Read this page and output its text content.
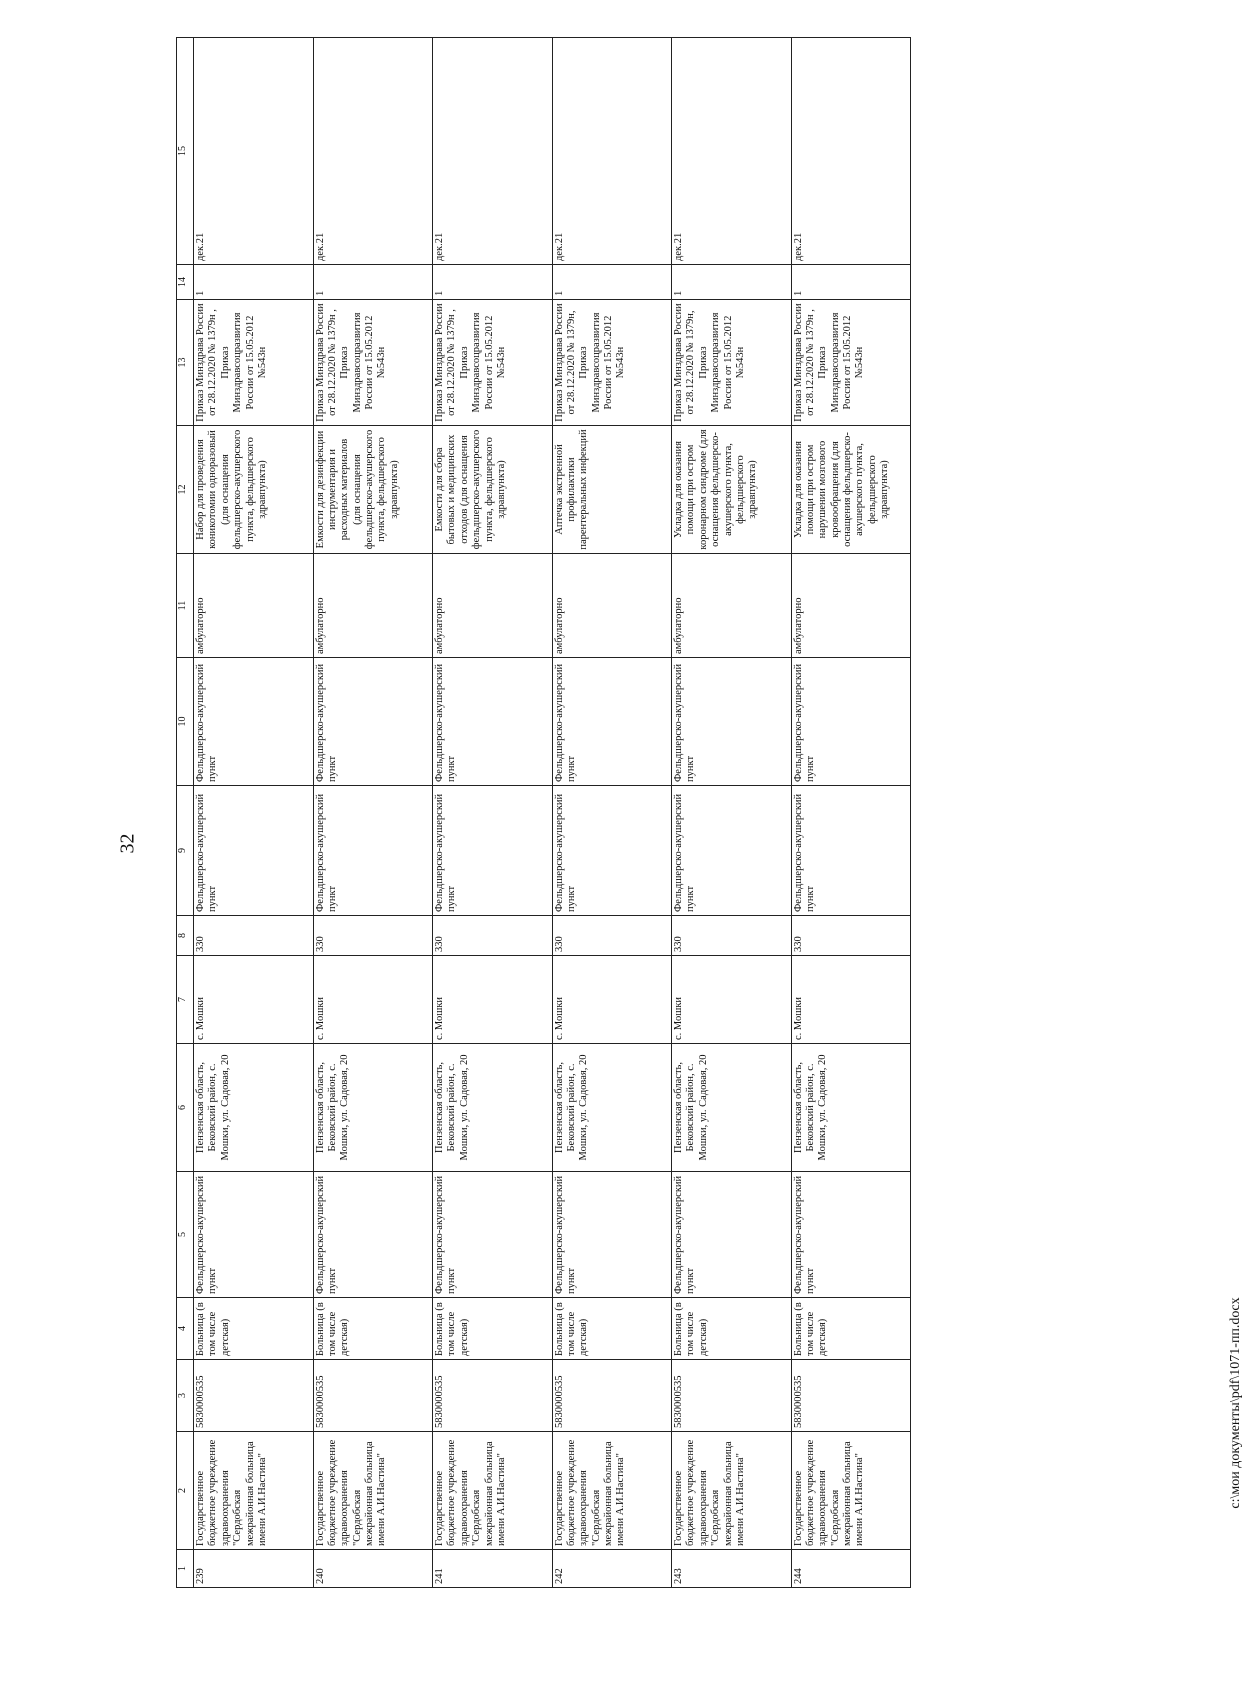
32
1	2	3	4	5	6	7	8	9	10	11	12	13	14	15
239	Государственное бюджетное учреждение здравоохранения "Сердобская межрайонная больница имени А.И.Настина"	5830000535	Больница (в том числе детская)	Фельдшерско-акушерский пункт	Пензенская область, Бековский район, с. Мошки, ул. Садовая, 20	с. Мошки	330	Фельдшерско-акушерский пункт	Фельдшерско-акушерский пункт	амбулаторно	Набор для проведения коникотомии одноразовый (для оснащения фельдшерско-акушерского пункта, фельдшерского здравпункта)	Приказ Минздрава России от 28.12.2020 № 1379н , Приказ Минздравсоцразвития России от 15.05.2012 №543н	1	дек.21
240	Государственное бюджетное учреждение здравоохранения "Сердобская межрайонная больница имени А.И.Настина"	5830000535	Больница (в том числе детская)	Фельдшерско-акушерский пункт	Пензенская область, Бековский район, с. Мошки, ул. Садовая, 20	с. Мошки	330	Фельдшерско-акушерский пункт	Фельдшерско-акушерский пункт	амбулаторно	Емкости для дезинфекции инструментария и расходных материалов (для оснащения фельдшерско-акушерского пункта, фельдшерского здравпункта)	Приказ Минздрава России от 28.12.2020 № 1379н , Приказ Минздравсоцразвития России от 15.05.2012 №543н	1	дек.21
241	Государственное бюджетное учреждение здравоохранения "Сердобская межрайонная больница имени А.И.Настина"	5830000535	Больница (в том числе детская)	Фельдшерско-акушерский пункт	Пензенская область, Бековский район, с. Мошки, ул. Садовая, 20	с. Мошки	330	Фельдшерско-акушерский пункт	Фельдшерско-акушерский пункт	амбулаторно	Емкости для сбора бытовых и медицинских отходов (для оснащения фельдшерско-акушерского пункта, фельдшерского здравпункта)	Приказ Минздрава России от 28.12.2020 № 1379н , Приказ Минздравсоцразвития России от 15.05.2012 №543н	1	дек.21
242	Государственное бюджетное учреждение здравоохранения "Сердобская межрайонная больница имени А.И.Настина"	5830000535	Больница (в том числе детская)	Фельдшерско-акушерский пункт	Пензенская область, Бековский район, с. Мошки, ул. Садовая, 20	с. Мошки	330	Фельдшерско-акушерский пункт	Фельдшерско-акушерский пункт	амбулаторно	Аптечка экстренной профилактики парентеральных инфекций	Приказ Минздрава России от 28.12.2020 № 1379н, Приказ Минздравсоцразвития России от 15.05.2012 №543н	1	дек.21
243	Государственное бюджетное учреждение здравоохранения "Сердобская межрайонная больница имени А.И.Настина"	5830000535	Больница (в том числе детская)	Фельдшерско-акушерский пункт	Пензенская область, Бековский район, с. Мошки, ул. Садовая, 20	с. Мошки	330	Фельдшерско-акушерский пункт	Фельдшерско-акушерский пункт	амбулаторно	Укладка для оказания помощи при остром коронарном синдроме (для оснащения фельдшерско-акушерского пункта, фельдшерского здравпункта)	Приказ Минздрава России от 28.12.2020 № 1379н, Приказ Минздравсоцразвития России от 15.05.2012 №543н	1	дек.21
244	Государственное бюджетное учреждение здравоохранения "Сердобская межрайонная больница имени А.И.Настина"	5830000535	Больница (в том числе детская)	Фельдшерско-акушерский пункт	Пензенская область, Бековский район, с. Мошки, ул. Садовая, 20	с. Мошки	330	Фельдшерско-акушерский пункт	Фельдшерско-акушерский пункт	амбулаторно	Укладка для оказания помощи при остром нарушении мозгового кровообращения (для оснащения фельдшерско-акушерского пункта, фельдшерского здравпункта)	Приказ Минздрава России от 28.12.2020 № 1379н , Приказ Минздравсоцразвития России от 15.05.2012 №543н	1	дек.21
c:\мои документы\pdf\1071-пп.docx
